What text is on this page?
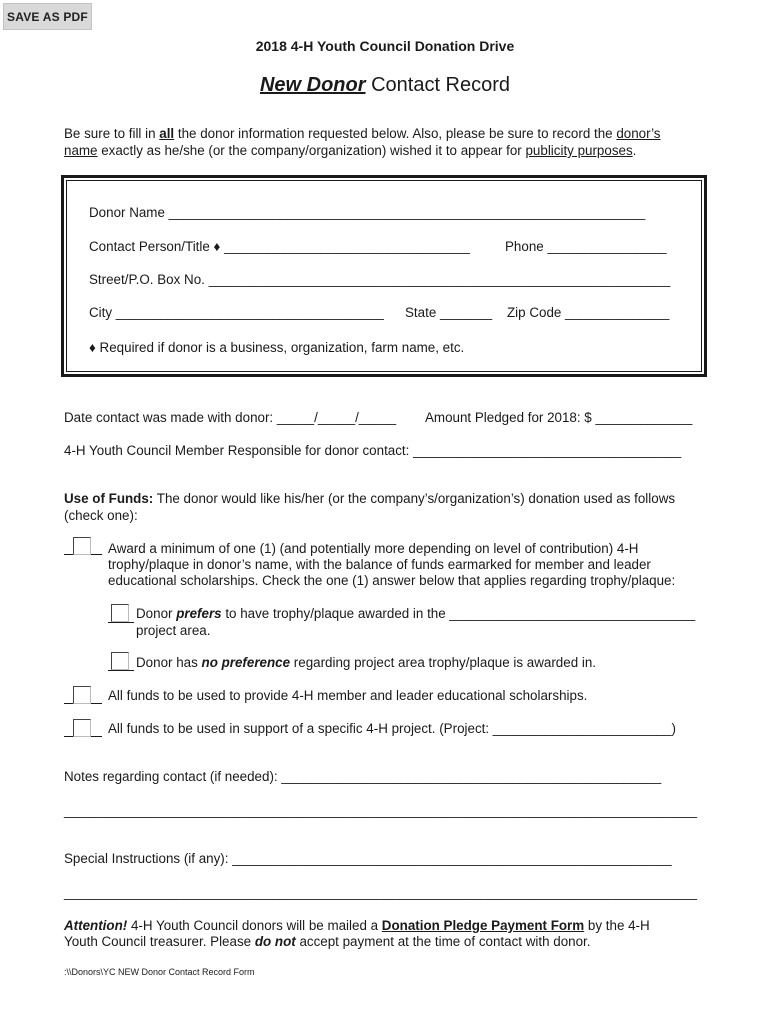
SAVE AS PDF
2018 4-H Youth Council Donation Drive
New Donor Contact Record
Be sure to fill in all the donor information requested below. Also, please be sure to record the donor’s
name exactly as he/she (or the company/organization) wished it to appear for publicity purposes.
Donor Name ________________________________________________________________
Contact Person/Title ♦ _________________________________	Phone ________________
Street/P.O. Box No. ______________________________________________________________
City ____________________________________ State _______ Zip Code ______________
♦ Required if donor is a business, organization, farm name, etc.
Date contact was made with donor: _____/_____/_____ Amount Pledged for 2018: $ _____________
4-H Youth Council Member Responsible for donor contact: ____________________________________
Use of Funds: The donor would like his/her (or the company’s/organization’s) donation used as follows
(check one):
Award a minimum of one (1) (and potentially more depending on level of contribution) 4-H
trophy/plaque in donor’s name, with the balance of funds earmarked for member and leader
educational scholarships. Check the one (1) answer below that applies regarding trophy/plaque:
Donor prefers to have trophy/plaque awarded in the _________________________________
project area.
Donor has no preference regarding project area trophy/plaque is awarded in.
All funds to be used to provide 4-H member and leader educational scholarships.
All funds to be used in support of a specific 4-H project. (Project: ________________________)
Notes regarding contact (if needed): ___________________________________________________
_____________________________________________________________________________________
Special Instructions (if any): ___________________________________________________________
_____________________________________________________________________________________
Attention! 4-H Youth Council donors will be mailed a Donation Pledge Payment Form by the 4-H
Youth Council treasurer. Please do not accept payment at the time of contact with donor.
:\\Donors\YC NEW Donor Contact Record Form
